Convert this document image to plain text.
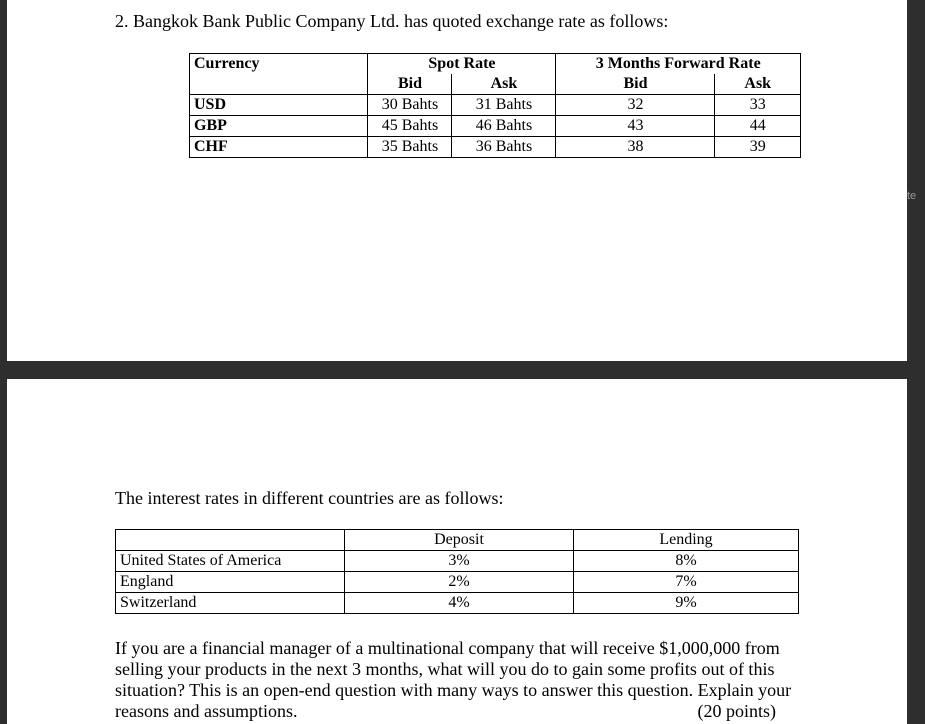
2. Bangkok Bank Public Company Ltd. has quoted exchange rate as follows:

Currency	Spot Rate		3 Months Forward Rate	
	Bid	Ask	Bid	Ask
USD	30 Bahts	31 Bahts	32	33
GBP	45 Bahts	46 Bahts	43	44
CHF	35 Bahts	36 Bahts	38	39
te

The interest rates in different countries are as follows:

	Deposit	Lending
United States of America	3%	8%
England	2%	7%
Switzerland	4%	9%

If you are a financial manager of a multinational company that will receive $1,000,000 from selling your products in the next 3 months, what will you do to gain some profits out of this situation? This is an open-end question with many ways to answer this question. Explain your reasons and assumptions.	(20 points)
